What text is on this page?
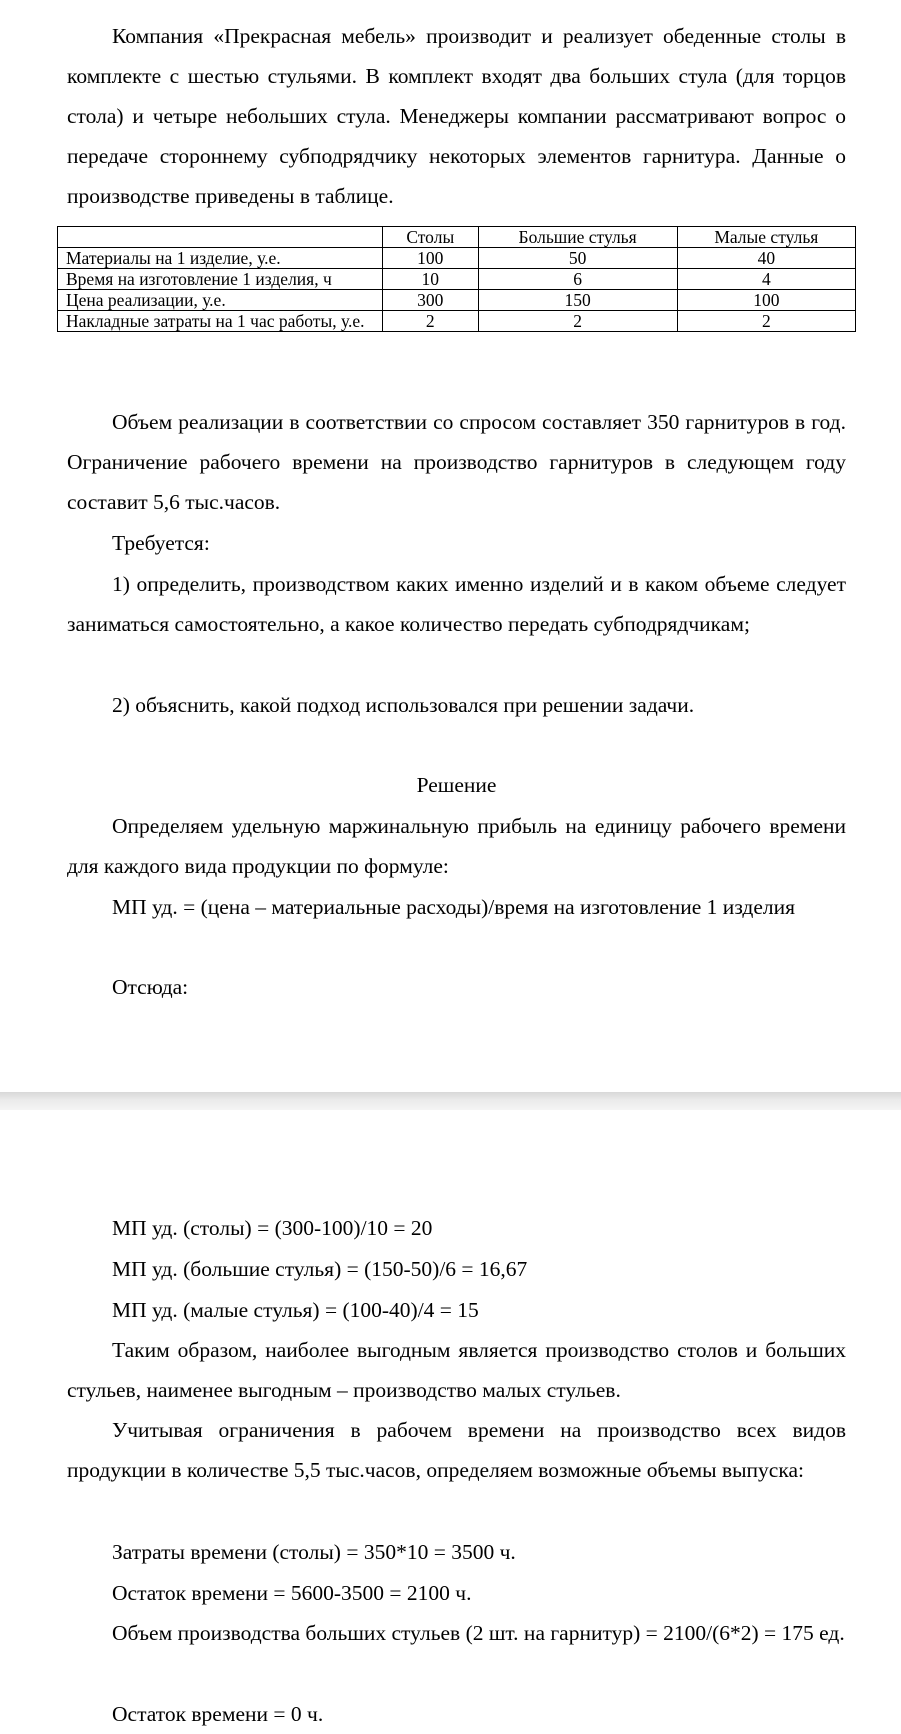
Компания «Прекрасная мебель» производит и реализует обеденные столы в комплекте с шестью стульями. В комплект входят два больших стула (для торцов стола) и четыре небольших стула. Менеджеры компании рассматривают вопрос о передаче стороннему субподрядчику некоторых элементов гарнитура. Данные о производстве приведены в таблице.

	Столы	Большие стулья	Малые стулья
Материалы на 1 изделие, у.е.	100	50	40
Время на изготовление 1 изделия, ч	10	6	4
Цена реализации, у.е.	300	150	100
Накладные затраты на 1 час работы, у.е.	2	2	2

Объем реализации в соответствии со спросом составляет 350 гарнитуров в год. Ограничение рабочего времени на производство гарнитуров в следующем году составит 5,6 тыс.часов.

Требуется:

1) определить, производством каких именно изделий и в каком объеме следует заниматься самостоятельно, а какое количество передать субподрядчикам;

2) объяснить, какой подход использовался при решении задачи.

Решение

Определяем удельную маржинальную прибыль на единицу рабочего времени для каждого вида продукции по формуле:

МП уд. = (цена – материальные расходы)/время на изготовление 1 изделия

Отсюда:

МП уд. (столы) = (300-100)/10 = 20

МП уд. (большие стулья) = (150-50)/6 = 16,67

МП уд. (малые стулья) = (100-40)/4 = 15

Таким образом, наиболее выгодным является производство столов и больших стульев, наименее выгодным – производство малых стульев.

Учитывая ограничения в рабочем времени на производство всех видов продукции в количестве 5,5 тыс.часов, определяем возможные объемы выпуска:

Затраты времени (столы) = 350*10 = 3500 ч.

Остаток времени = 5600-3500 = 2100 ч.

Объем производства больших стульев (2 шт. на гарнитур) = 2100/(6*2) = 175 ед.

Остаток времени = 0 ч.
